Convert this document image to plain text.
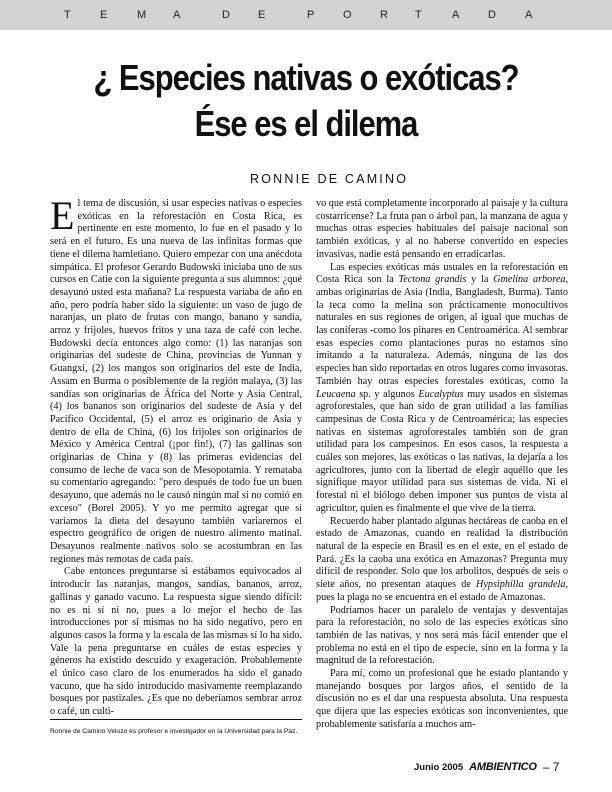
T	E	M A	D	E	P	O	R T	A	D	A
¿ Especies nativas o exóticas?
Ése es el dilema
RONNIE DE CAMINO

El tema de discusión, si usar especies nativas o especies exóticas en la reforestación en Costa Rica, es pertinente en este momento, lo fue en el pasado y lo será en el futuro. Es una nueva de las infinitas formas que tiene el dilema hamletiano. Quiero empezar con una anécdota simpática. El profesor Gerardo Budowski iniciaba uno de sus cursos en Catie con la siguiente pregunta a sus alumnos: ¿qué desayunó usted esta mañana? La respuesta variaba de año en año, pero podría haber sido la siguiente: un vaso de jugo de naranjas, un plato de frutas con mango, banano y sandía, arroz y frijoles, huevos fritos y una taza de café con leche. Budowski decía entonces algo como: (1) las naranjas son originarias del sudeste de China, provincias de Yunnan y Guangxi, (2) los mangos son originarios del este de India, Assam en Burma o posiblemente de la región malaya, (3) las sandías son originarias de África del Norte y Asia Central, (4) los bananos son originarios del sudeste de Asia y del Pacífico Occidental, (5) el arroz es originario de Asia y dentro de ella de China, (6) los frijoles son originarios de México y América Central (¡por fin!), (7) las gallinas son originarias de China y (8) las primeras evidencias del consumo de leche de vaca son de Mesopotamia. Y remataba su comentario agregando: "pero después de todo fue un buen desayuno, que además no le causó ningún mal si no comió en exceso" (Borel 2005). Y yo me permito agregar que si variamos la dieta del desayuno también variaremos el espectro geográfico de origen de nuestro alimento matinal. Desayunos realmente nativos solo se acostumbran en las regiones más remotas de cada país.

Cabe entonces preguntarse si estábamos equivocados al introducir las naranjas, mangos, sandías, bananos, arroz, gallinas y ganado vacuno. La respuesta sigue siendo difícil: no es ni sí ni no, pues a lo mejor el hecho de las introducciones por sí mismas no ha sido negativo, pero en algunos casos la forma y la escala de las mismas sí lo ha sido. Vale la pena preguntarse en cuáles de estas especies y géneros ha existido descuido y exageración. Probablemente el único caso claro de los enumerados ha sido el ganado vacuno, que ha sido introducido masivamente reemplazando bosques por pastizales. ¿Es que no deberíamos sembrar arroz o café, un culti-

vo que está completamente incorporado al paisaje y la cultura costarricense? La fruta pan o árbol pan, la manzana de agua y muchas otras especies habituales del paisaje nacional son también exóticas, y al no haberse convertido en especies invasivas, nadie está pensando en erradicarlas.

Las especies exóticas más usuales en la reforestación en Costa Rica son la Tectona grandis y la Gmelina arborea, ambas originarias de Asia (India, Bangladesh, Burma). Tanto la teca como la melina son prácticamente monocultivos naturales en sus regiones de origen, al igual que muchas de las coníferas -como los pinares en Centroamérica. Al sembrar esas especies como plantaciones puras no estamos sino imitando a la naturaleza. Además, ninguna de las dos especies han sido reportadas en otros lugares como invasoras. También hay otras especies forestales exóticas, como la Leucaena sp. y algunos Eucalyptus muy usados en sistemas agroforestales, que han sido de gran utilidad a las familias campesinas de Costa Rica y de Centroamérica; las especies nativas en sistemas agroforestales también son de gran utilidad para los campesinos. En esos casos, la respuesta a cuáles son mejores, las exóticas o las nativas, la dejaría a los agricultores, junto con la libertad de elegir aquéllo que les signifique mayor utilidad para sus sistemas de vida. Ni el forestal ni el biólogo deben imponer sus puntos de vista al agricultor, quien es finalmente el que vive de la tierra.

Recuerdo haber plantado algunas hectáreas de caoba en el estado de Amazonas, cuando en realidad la distribución natural de la especie en Brasil es en el este, en el estado de Pará. ¿Es la caoba una exótica en Amazonas? Pregunta muy difícil de responder. Solo que los arbolitos, después de seis o siete años, no presentan ataques de Hypsiphilla grandela, pues la plaga no se encuentra en el estado de Amazonas.

Podríamos hacer un paralelo de ventajas y desventajas para la reforestación, no solo de las especies exóticas sino también de las nativas, y nos será más fácil entender que el problema no está en el tipo de especie, sino en la forma y la magnitud de la reforestación.

Para mí, como un profesional que he estado plantando y manejando bosques por largos años, el sentido de la discusión no es el dar una respuesta absoluta. Una respuesta que dijera que las especies exóticas son inconvenientes, que probablemente satisfaría a muchos am-

Ronnie de Camino Velozo es profesor e investigador en la Universidad para la Paz.
Junio 2005 AMBIENTICO – 7
